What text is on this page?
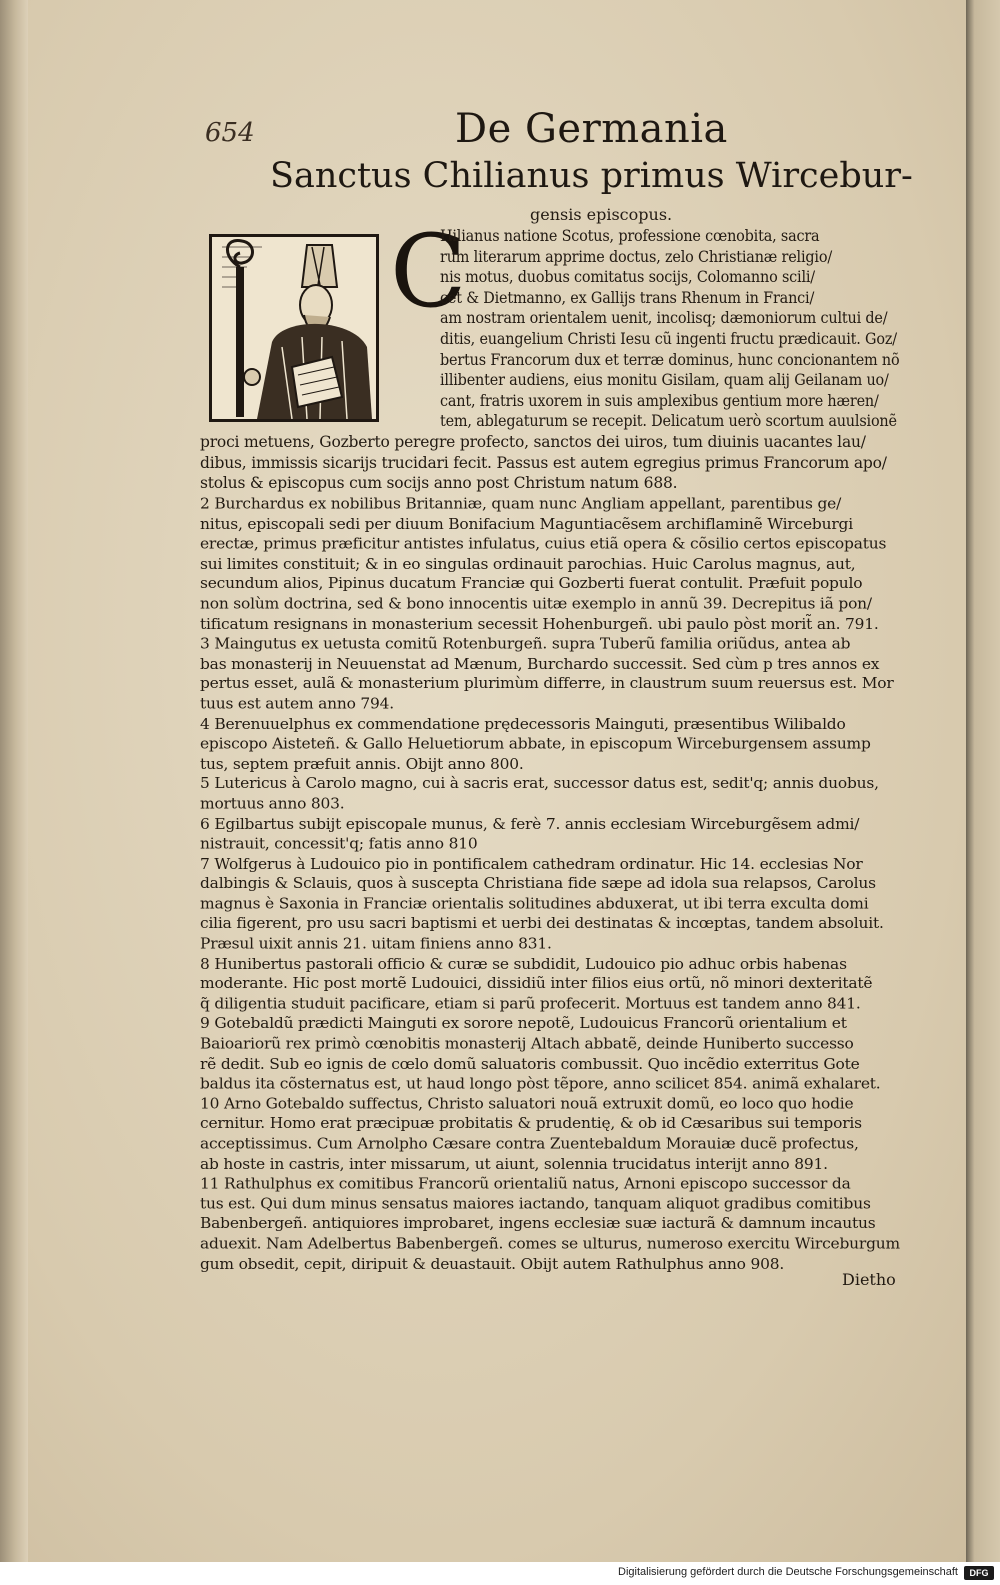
654	De Germania
Sanctus Chilianus primus Wircebur-
C
Hilianus natione Scotus, professione cœnobita, sacra
rum literarum apprime doctus, zelo Christianæ religio/
nis motus, duobus comitatus socijs, Colomanno scili/
cet & Dietmanno, ex Gallijs trans Rhenum in Franci/
am nostram orientalem uenit, incolisq; dæmoniorum cultui de/
ditis, euangelium Christi Iesu cũ ingenti fructu prædicauit. Goz/
bertus Francorum dux et terræ dominus, hunc concionantem nõ
illibenter audiens, eius monitu Gisilam, quam alij Geilanam uo/
cant, fratris uxorem in suis amplexibus gentium more hæren/
tem, ablegaturum se recepit. Delicatum uerò scortum auulsionẽ
proci metuens, Gozberto peregre profecto, sanctos dei uiros, tum diuinis uacantes lau/
dibus, immissis sicarijs trucidari fecit. Passus est autem egregius primus Francorum apo/
stolus & episcopus cum socijs anno post Christum natum 688.
2 Burchardus ex nobilibus Britanniæ, quam nunc Angliam appellant, parentibus ge/
nitus, episcopali sedi per diuum Bonifacium Maguntiacẽsem archiflaminẽ Wirceburgi
erectæ, primus præficitur antistes infulatus, cuius etiã opera & cõsilio certos episcopatus
sui limites constituit; & in eo singulas ordinauit parochias. Huic Carolus magnus, aut,
secundum alios, Pipinus ducatum Franciæ qui Gozberti fuerat contulit. Præfuit populo
non solùm doctrina, sed & bono innocentis uitæ exemplo in annũ 39. Decrepitus iã pon/
tificatum resignans in monasterium secessit Hohenburgeñ. ubi paulo pòst morit̃ an. 791.
3 Maingutus ex uetusta comitũ Rotenburgeñ. supra Tuberũ familia oriũdus, antea ab
bas monasterij in Neuuenstat ad Mænum, Burchardo successit. Sed cùm p tres annos ex
pertus esset, aulã & monasterium plurimùm differre, in claustrum suum reuersus est. Mor
tuus est autem anno 794.
4 Berenuuelphus ex commendatione prędecessoris Mainguti, præsentibus Wilibaldo
episcopo Aisteteñ. & Gallo Heluetiorum abbate, in episcopum Wirceburgensem assump
tus, septem præfuit annis. Obijt anno 800.
5 Lutericus à Carolo magno, cui à sacris erat, successor datus est, sedit'q; annis duobus,
mortuus anno 803.
6 Egilbartus subijt episcopale munus, & ferè 7. annis ecclesiam Wirceburgẽsem admi/
nistrauit, concessit'q; fatis anno 810
7 Wolfgerus à Ludouico pio in pontificalem cathedram ordinatur. Hic 14. ecclesias Nor
dalbingis & Sclauis, quos à suscepta Christiana fide sæpe ad idola sua relapsos, Carolus
magnus è Saxonia in Franciæ orientalis solitudines abduxerat, ut ibi terra exculta domi
cilia figerent, pro usu sacri baptismi et uerbi dei destinatas & incœptas, tandem absoluit.
Præsul uixit annis 21. uitam finiens anno 831.
8 Hunibertus pastorali officio & curæ se subdidit, Ludouico pio adhuc orbis habenas
moderante. Hic post mortẽ Ludouici, dissidiũ inter filios eius ortũ, nõ minori dexteritatẽ
q̃ diligentia studuit pacificare, etiam si parũ profecerit. Mortuus est tandem anno 841.
9 Gotebaldũ prædicti Mainguti ex sorore nepotẽ, Ludouicus Francorũ orientalium et
Baioariorũ rex primò cœnobitis monasterij Altach abbatẽ, deinde Huniberto successo
rẽ dedit. Sub eo ignis de cœlo domũ saluatoris combussit. Quo incẽdio exterritus Gote
baldus ita cõsternatus est, ut haud longo pòst tẽpore, anno scilicet 854. animã exhalaret.
10 Arno Gotebaldo suffectus, Christo saluatori nouã extruxit domũ, eo loco quo hodie
cernitur. Homo erat præcipuæ probitatis & prudentię, & ob id Cæsaribus sui temporis
acceptissimus. Cum Arnolpho Cæsare contra Zuentebaldum Morauiæ ducẽ profectus,
ab hoste in castris, inter missarum, ut aiunt, solennia trucidatus interijt anno 891.
11 Rathulphus ex comitibus Francorũ orientaliũ natus, Arnoni episcopo successor da
tus est. Qui dum minus sensatus maiores iactando, tanquam aliquot gradibus comitibus
Babenbergeñ. antiquiores improbaret, ingens ecclesiæ suæ iacturã & damnum incautus
aduexit. Nam Adelbertus Babenbergeñ. comes se ulturus, numeroso exercitu Wirceburgum
gum obsedit, cepit, diripuit & deuastauit. Obijt autem Rathulphus anno 908.
Dietho
gensis episcopus.
Digitalisierung gefördert durch die Deutsche Forschungsgemeinschaft	DFG
